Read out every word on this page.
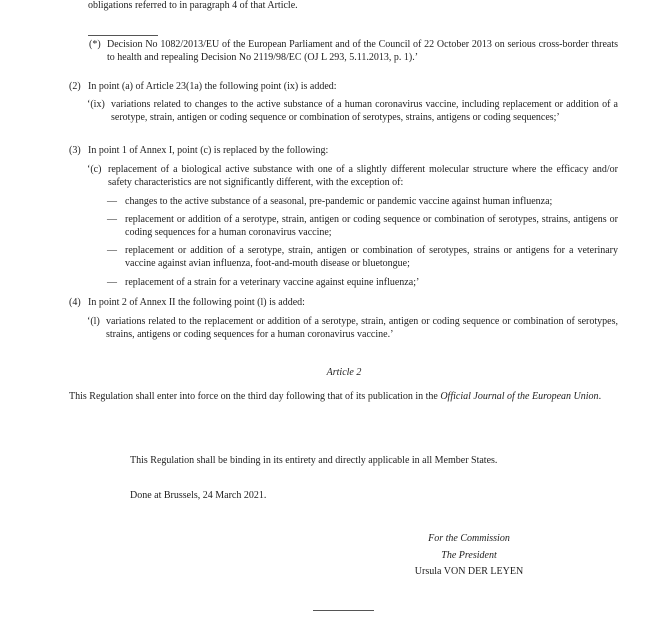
obligations referred to in paragraph 4 of that Article.
(*) Decision No 1082/2013/EU of the European Parliament and of the Council of 22 October 2013 on serious cross-border threats to health and repealing Decision No 2119/98/EC (OJ L 293, 5.11.2013, p. 1).’
(2) In point (a) of Article 23(1a) the following point (ix) is added:
‘(ix) variations related to changes to the active substance of a human coronavirus vaccine, including replacement or addition of a serotype, strain, antigen or coding sequence or combination of serotypes, strains, antigens or coding sequences;’
(3) In point 1 of Annex I, point (c) is replaced by the following:
‘(c) replacement of a biological active substance with one of a slightly different molecular structure where the efficacy and/or safety characteristics are not significantly different, with the exception of:
— changes to the active substance of a seasonal, pre-pandemic or pandemic vaccine against human influenza;
— replacement or addition of a serotype, strain, antigen or coding sequence or combination of serotypes, strains, antigens or coding sequences for a human coronavirus vaccine;
— replacement or addition of a serotype, strain, antigen or combination of serotypes, strains or antigens for a veterinary vaccine against avian influenza, foot-and-mouth disease or bluetongue;
— replacement of a strain for a veterinary vaccine against equine influenza;’
(4) In point 2 of Annex II the following point (l) is added:
‘(l) variations related to the replacement or addition of a serotype, strain, antigen or coding sequence or combination of serotypes, strains, antigens or coding sequences for a human coronavirus vaccine.’
Article 2
This Regulation shall enter into force on the third day following that of its publication in the Official Journal of the European Union.
This Regulation shall be binding in its entirety and directly applicable in all Member States.
Done at Brussels, 24 March 2021.
For the Commission
The President
Ursula VON DER LEYEN
